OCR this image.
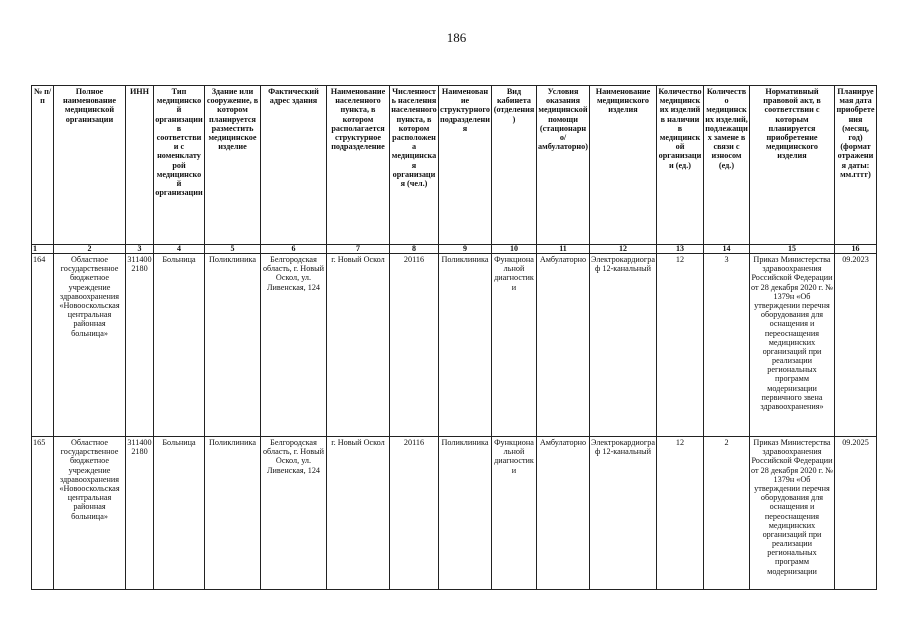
186
№ п/п	Полное наименование медицинской организации	ИНН	Тип медицинской организации в соответствии с номенклатурой медицинской организации	Здание или сооружение, в котором планируется разместить медицинское изделие	Фактический адрес здания	Наименование населенного пункта, в котором располагается структурное подразделение	Численность населения населенного пункта, в котором расположена медицинская организация (чел.)	Наименование структурного подразделения	Вид кабинета (отделения)	Условия оказания медицинской помощи (стационарно/амбулаторно)	Наименование медицинского изделия	Количество медицинских изделий в наличии в медицинской организации (ед.)	Количество медицинских изделий, подлежащих замене в связи с износом (ед.)	Нормативный правовой акт, в соответствии с которым планируется приобретение медицинского изделия	Планируемая дата приобретения (месяц, год) (формат отражения даты: мм.гггг)
1	2	3	4	5	6	7	8	9	10	11	12	13	14	15	16
164	Областное государственное бюджетное учреждение здравоохранения «Новооскольская центральная районная больница»	3114002180	Больница	Поликлиника	Белгородская область, г. Новый Оскол, ул. Ливенская, 124	г. Новый Оскол	20116	Поликлиника	Функциональной диагностики	Амбулаторно	Электрокардиограф 12-канальный	12	3	Приказ Министерства здравоохранения Российской Федерации от 28 декабря 2020 г. № 1379н «Об утверждении перечня оборудования для оснащения и переоснащения медицинских организаций при реализации региональных программ модернизации первичного звена здравоохранения»	09.2023
165	Областное государственное бюджетное учреждение здравоохранения «Новооскольская центральная районная больница»	3114002180	Больница	Поликлиника	Белгородская область, г. Новый Оскол, ул. Ливенская, 124	г. Новый Оскол	20116	Поликлиника	Функциональной диагностики	Амбулаторно	Электрокардиограф 12-канальный	12	2	Приказ Министерства здравоохранения Российской Федерации от 28 декабря 2020 г. № 1379н «Об утверждении перечня оборудования для оснащения и переоснащения медицинских организаций при реализации региональных программ модернизации	09.2025
